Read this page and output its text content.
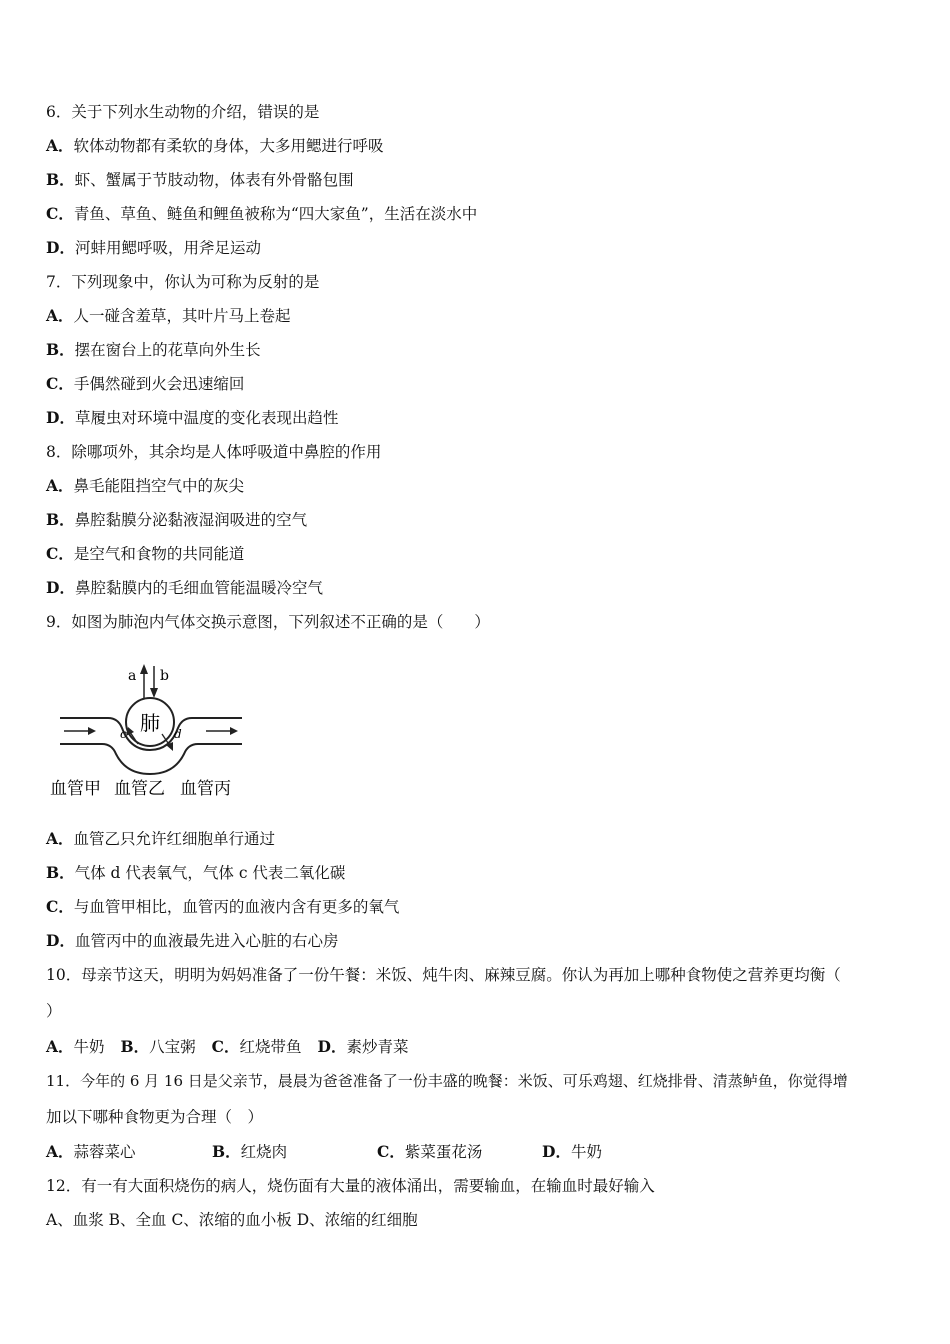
6．关于下列水生动物的介绍，错误的是
A．软体动物都有柔软的身体，大多用鳃进行呼吸
B．虾、蟹属于节肢动物，体表有外骨骼包围
C．青鱼、草鱼、鲢鱼和鲤鱼被称为“四大家鱼”，生活在淡水中
D．河蚌用鳃呼吸，用斧足运动
7．下列现象中，你认为可称为反射的是
A．人一碰含羞草，其叶片马上卷起
B．摆在窗台上的花草向外生长
C．手偶然碰到火会迅速缩回
D．草履虫对环境中温度的变化表现出趋性
8．除哪项外，其余均是人体呼吸道中鼻腔的作用
A．鼻毛能阻挡空气中的灰尖
B．鼻腔黏膜分泌黏液湿润吸进的空气
C．是空气和食物的共同能道
D．鼻腔黏膜内的毛细血管能温暖冷空气
9．如图为肺泡内气体交换示意图，下列叙述不正确的是（　　）
肺
a b
c	d
血管甲 血管乙 血管丙
A．血管乙只允许红细胞单行通过
B．气体 d 代表氧气，气体 c 代表二氧化碳
C．与血管甲相比，血管丙的血液内含有更多的氧气
D．血管丙中的血液最先进入心脏的右心房
10．母亲节这天，明明为妈妈准备了一份午餐：米饭、炖牛肉、麻辣豆腐。你认为再加上哪种食物使之营养更均衡（
）
A．牛奶 B．八宝粥 C．红烧带鱼 D．素炒青菜
11．今年的 6 月 16 日是父亲节，晨晨为爸爸准备了一份丰盛的晚餐：米饭、可乐鸡翅、红烧排骨、清蒸鲈鱼，你觉得增
加以下哪种食物更为合理（　）
A．蒜蓉菜心	B．红烧肉	C．紫菜蛋花汤	D．牛奶
12．有一有大面积烧伤的病人，烧伤面有大量的液体涌出，需要输血，在输血时最好输入
A、血浆 B、全血 C、浓缩的血小板 D、浓缩的红细胞
